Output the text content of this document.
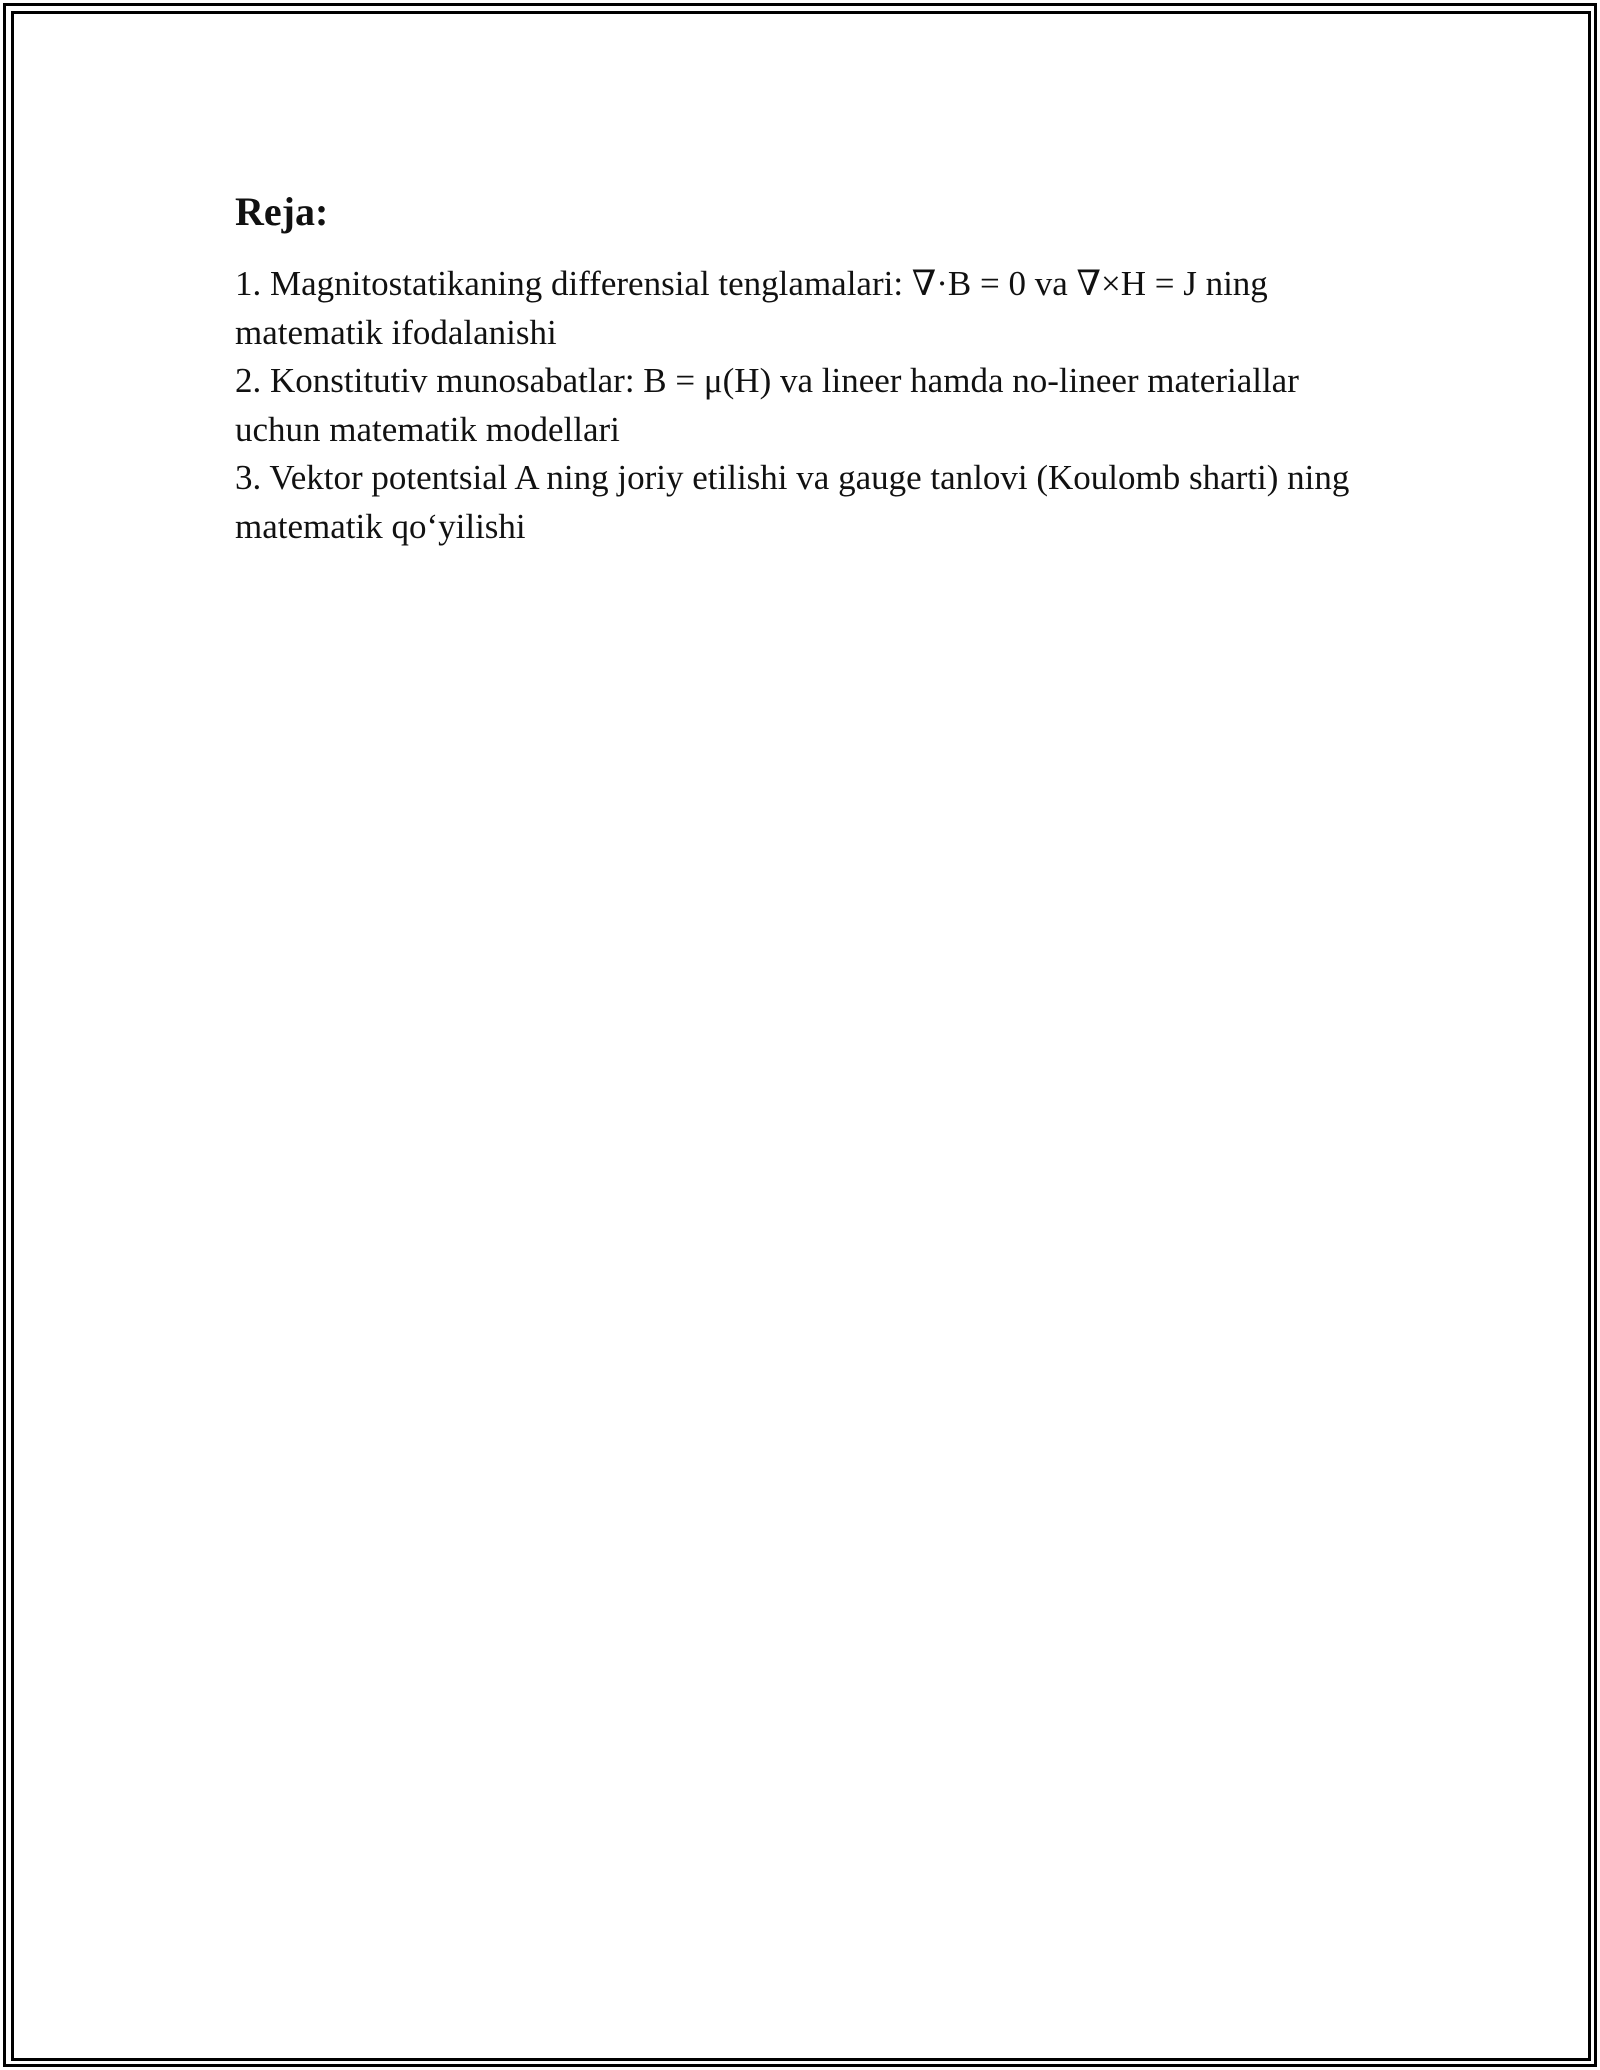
Reja:
1. Magnitostatikaning differensial tenglamalari: ∇·B = 0 va ∇×H = J ning matematik ifodalanishi
2. Konstitutiv munosabatlar: B = μ(H) va lineer hamda no-lineer materiallar uchun matematik modellari
3. Vektor potentsial A ning joriy etilishi va gauge tanlovi (Koulomb sharti) ning matematik qo‘yilishi
